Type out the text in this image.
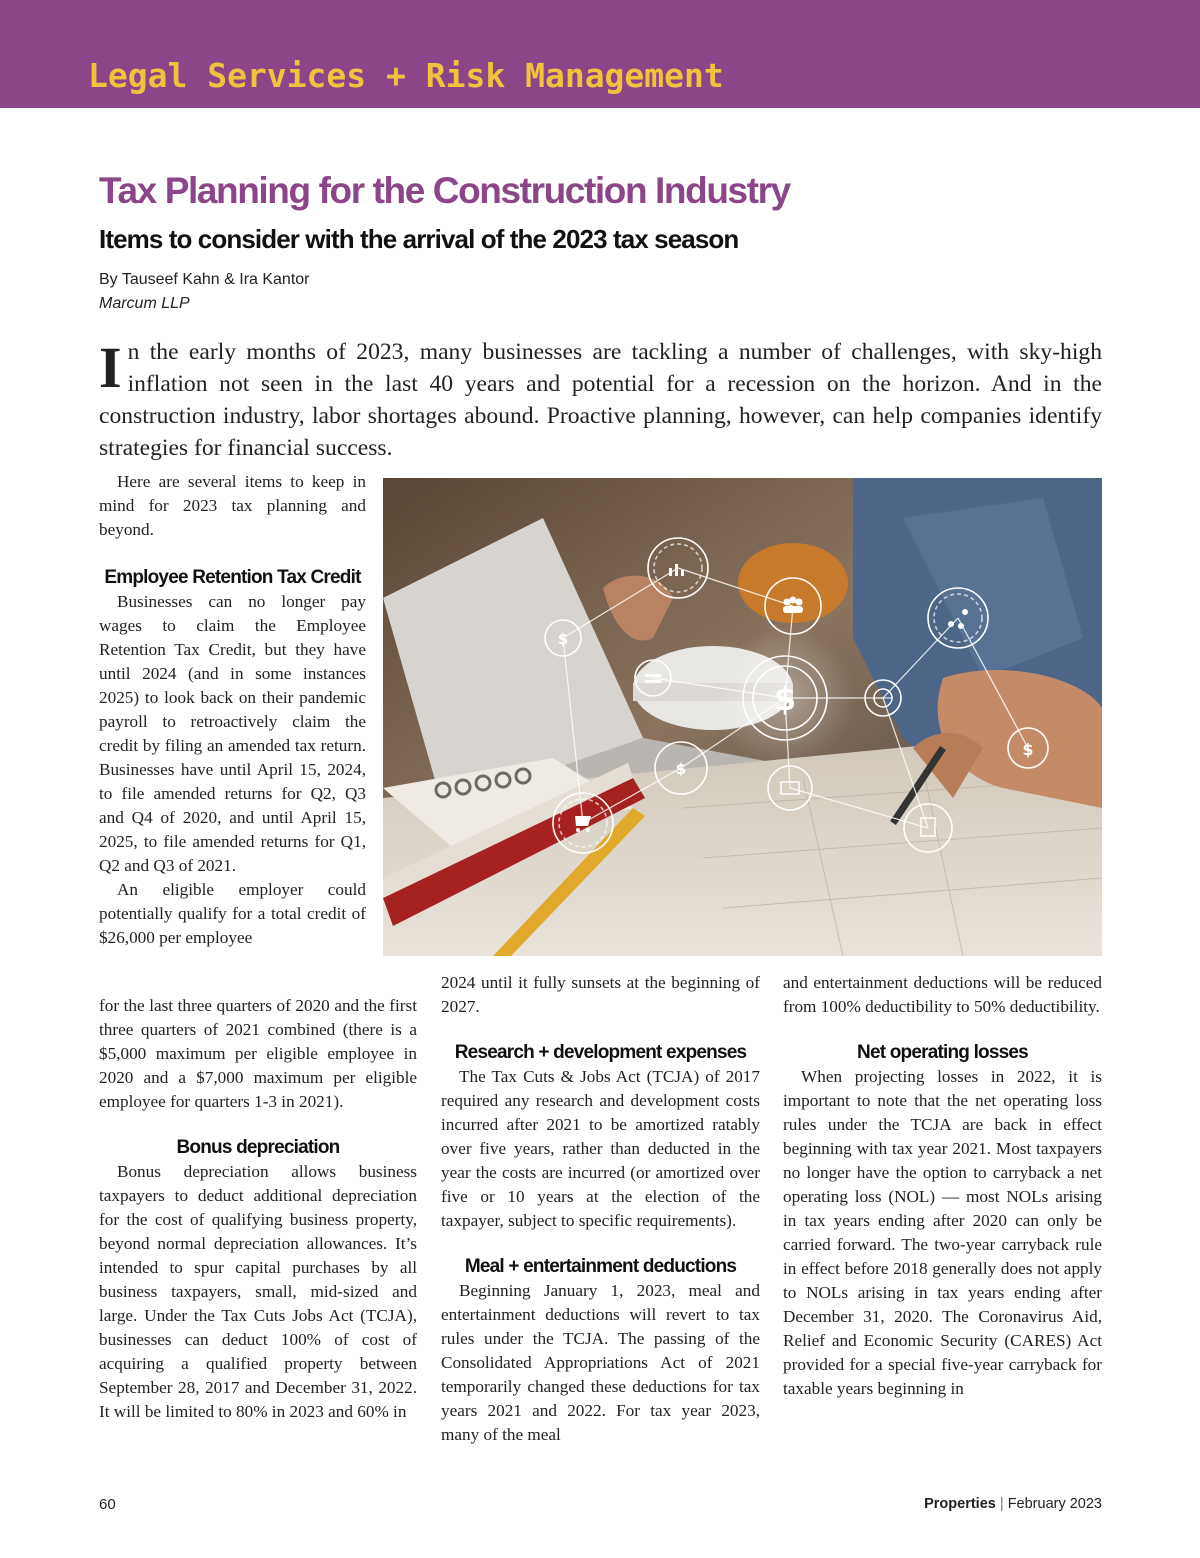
Legal Services + Risk Management
Tax Planning for the Construction Industry
Items to consider with the arrival of the 2023 tax season
By Tauseef Kahn & Ira Kantor
Marcum LLP

In the early months of 2023, many businesses are tackling a number of challenges, with sky-high inflation not seen in the last 40 years and potential for a recession on the horizon. And in the construction industry, labor shortages abound. Proactive planning, however, can help companies identify strategies for financial success.

Here are several items to keep in mind for 2023 tax planning and beyond.

Employee Retention Tax Credit

Businesses can no longer pay wages to claim the Employee Retention Tax Credit, but they have until 2024 (and in some instances 2025) to look back on their pandemic payroll to retroactively claim the credit by filing an amended tax return. Businesses have until April 15, 2024, to file amended returns for Q2, Q3 and Q4 of 2020, and until April 15, 2025, to file amended returns for Q1, Q2 and Q3 of 2021.

An eligible employer could potentially qualify for a total credit of $26,000 per employee

for the last three quarters of 2020 and the first three quarters of 2021 combined (there is a $5,000 maximum per eligible employee in 2020 and a $7,000 maximum per eligible employee for quarters 1-3 in 2021).

Bonus depreciation

Bonus depreciation allows business taxpayers to deduct additional depreciation for the cost of qualifying business property, beyond normal depreciation allowances. It’s intended to spur capital purchases by all business taxpayers, small, mid-sized and large. Under the Tax Cuts Jobs Act (TCJA), businesses can deduct 100% of cost of acquiring a qualified property between September 28, 2017 and December 31, 2022. It will be limited to 80% in 2023 and 60% in

2024 until it fully sunsets at the beginning of 2027.

Research + development expenses

The Tax Cuts & Jobs Act (TCJA) of 2017 required any research and development costs incurred after 2021 to be amortized ratably over five years, rather than deducted in the year the costs are incurred (or amortized over five or 10 years at the election of the taxpayer, subject to specific requirements).

Meal + entertainment deductions

Beginning January 1, 2023, meal and entertainment deductions will revert to tax rules under the TCJA. The passing of the Consolidated Appropriations Act of 2021 temporarily changed these deductions for tax years 2021 and 2022. For tax year 2023, many of the meal

and entertainment deductions will be reduced from 100% deductibility to 50% deductibility.

Net operating losses

When projecting losses in 2022, it is important to note that the net operating loss rules under the TCJA are back in effect beginning with tax year 2021. Most taxpayers no longer have the option to carryback a net operating loss (NOL) — most NOLs arising in tax years ending after 2020 can only be carried forward. The two-year carryback rule in effect before 2018 generally does not apply to NOLs arising in tax years ending after December 31, 2020. The Coronavirus Aid, Relief and Economic Security (CARES) Act provided for a special five-year carryback for taxable years beginning in

$
$
$
$
60	Properties | February 2023
